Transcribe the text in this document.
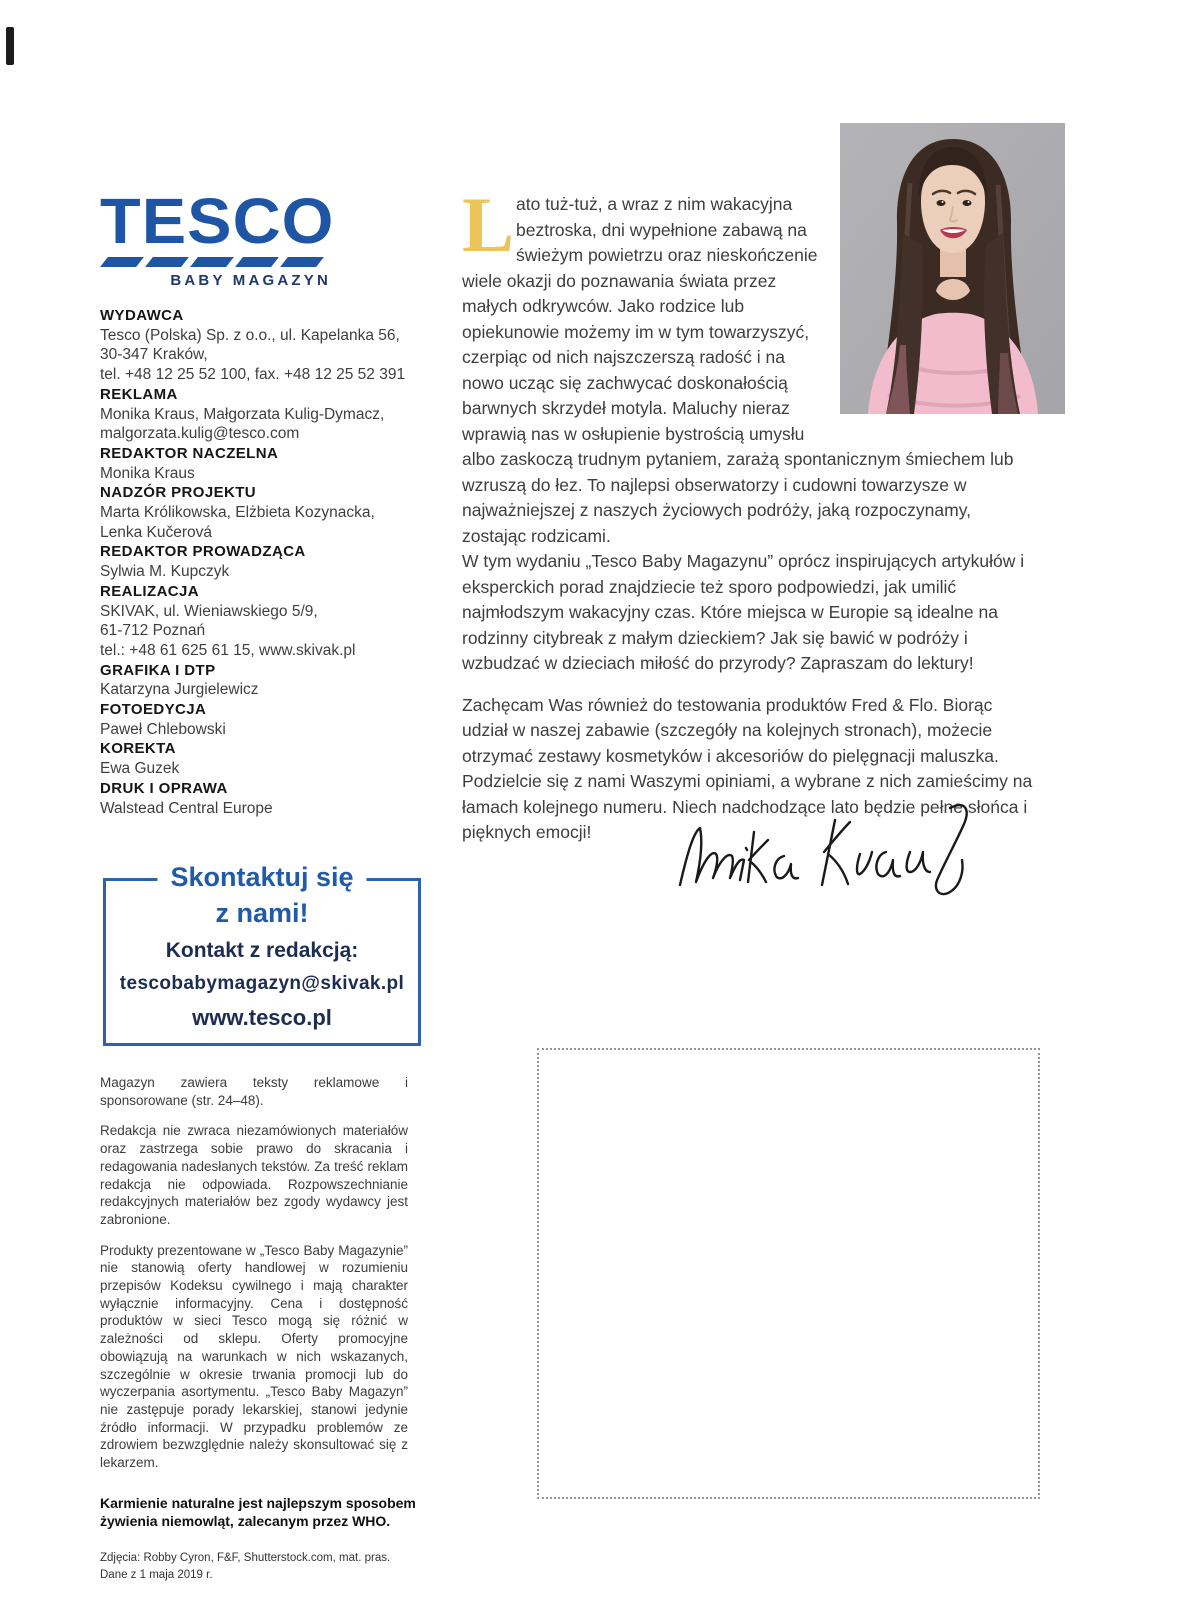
TESCO
BABY MAGAZYN
WYDAWCA
Tesco (Polska) Sp. z o.o., ul. Kapelanka 56,
30-347 Kraków,
tel. +48 12 25 52 100, fax. +48 12 25 52 391
REKLAMA
Monika Kraus, Małgorzata Kulig-Dymacz,
malgorzata.kulig@tesco.com
REDAKTOR NACZELNA
Monika Kraus
NADZÓR PROJEKTU
Marta Królikowska, Elżbieta Kozynacka,
Lenka Kučerová
REDAKTOR PROWADZĄCA
Sylwia M. Kupczyk
REALIZACJA
SKIVAK, ul. Wieniawskiego 5/9,
61-712 Poznań
tel.: +48 61 625 61 15, www.skivak.pl
GRAFIKA I DTP
Katarzyna Jurgielewicz
FOTOEDYCJA
Paweł Chlebowski
KOREKTA
Ewa Guzek
DRUK I OPRAWA
Walstead Central Europe
Skontaktuj się
z nami!
Kontakt z redakcją:
tescobabymagazyn@skivak.pl
www.tesco.pl

Magazyn zawiera teksty reklamowe i sponsorowane (str. 24–48).

Redakcja nie zwraca niezamówionych materiałów oraz zastrzega sobie prawo do skracania i redagowania nadesłanych tekstów. Za treść reklam redakcja nie odpowiada. Rozpowszechnianie redakcyjnych materiałów bez zgody wydawcy jest zabronione.

Produkty prezentowane w „Tesco Baby Magazynie” nie stanowią oferty handlowej w rozumieniu przepisów Kodeksu cywilnego i mają charakter wyłącznie informacyjny. Cena i dostępność produktów w sieci Tesco mogą się różnić w zależności od sklepu. Oferty promocyjne obowiązują na warunkach w nich wskazanych, szczególnie w okresie trwania promocji lub do wyczerpania asortymentu. „Tesco Baby Magazyn” nie zastępuje porady lekarskiej, stanowi jedynie źródło informacji. W przypadku problemów ze zdrowiem bezwzględnie należy skonsultować się z lekarzem.

Karmienie naturalne jest najlepszym sposobem żywienia niemowląt, zalecanym przez WHO.
Zdjęcia: Robby Cyron, F&F, Shutterstock.com, mat. pras.
Dane z 1 maja 2019 r.
L ato tuż-tuż, a wraz z nim wakacyjna beztroska, dni wypełnione zabawą na świeżym powietrzu oraz nieskończenie wiele okazji do poznawania świata przez małych odkrywców. Jako rodzice lub opiekunowie możemy im w tym towarzyszyć, czerpiąc od nich najszczerszą radość i na nowo ucząc się zachwycać doskonałością barwnych skrzydeł motyla. Maluchy nieraz wprawią nas w osłupienie bystrością umysłu albo zaskoczą trudnym pytaniem, zarażą spontanicznym śmiechem lub wzruszą do łez. To najlepsi obserwatorzy i cudowni towarzysze w najważniejszej z naszych życiowych podróży, jaką rozpoczynamy, zostając rodzicami.
W tym wydaniu „Tesco Baby Magazynu” oprócz inspirujących artykułów i eksperckich porad znajdziecie też sporo podpowiedzi, jak umilić najmłodszym wakacyjny czas. Które miejsca w Europie są idealne na rodzinny citybreak z małym dzieckiem? Jak się bawić w podróży i wzbudzać w dzieciach miłość do przyrody? Zapraszam do lektury!
Zachęcam Was również do testowania produktów Fred & Flo. Biorąc udział w naszej zabawie (szczegóły na kolejnych stronach), możecie otrzymać zestawy kosmetyków i akcesoriów do pielęgnacji maluszka. Podzielcie się z nami Waszymi opiniami, a wybrane z nich zamieścimy na łamach kolejnego numeru. Niech nadchodzące lato będzie pełne słońca i pięknych emocji!
